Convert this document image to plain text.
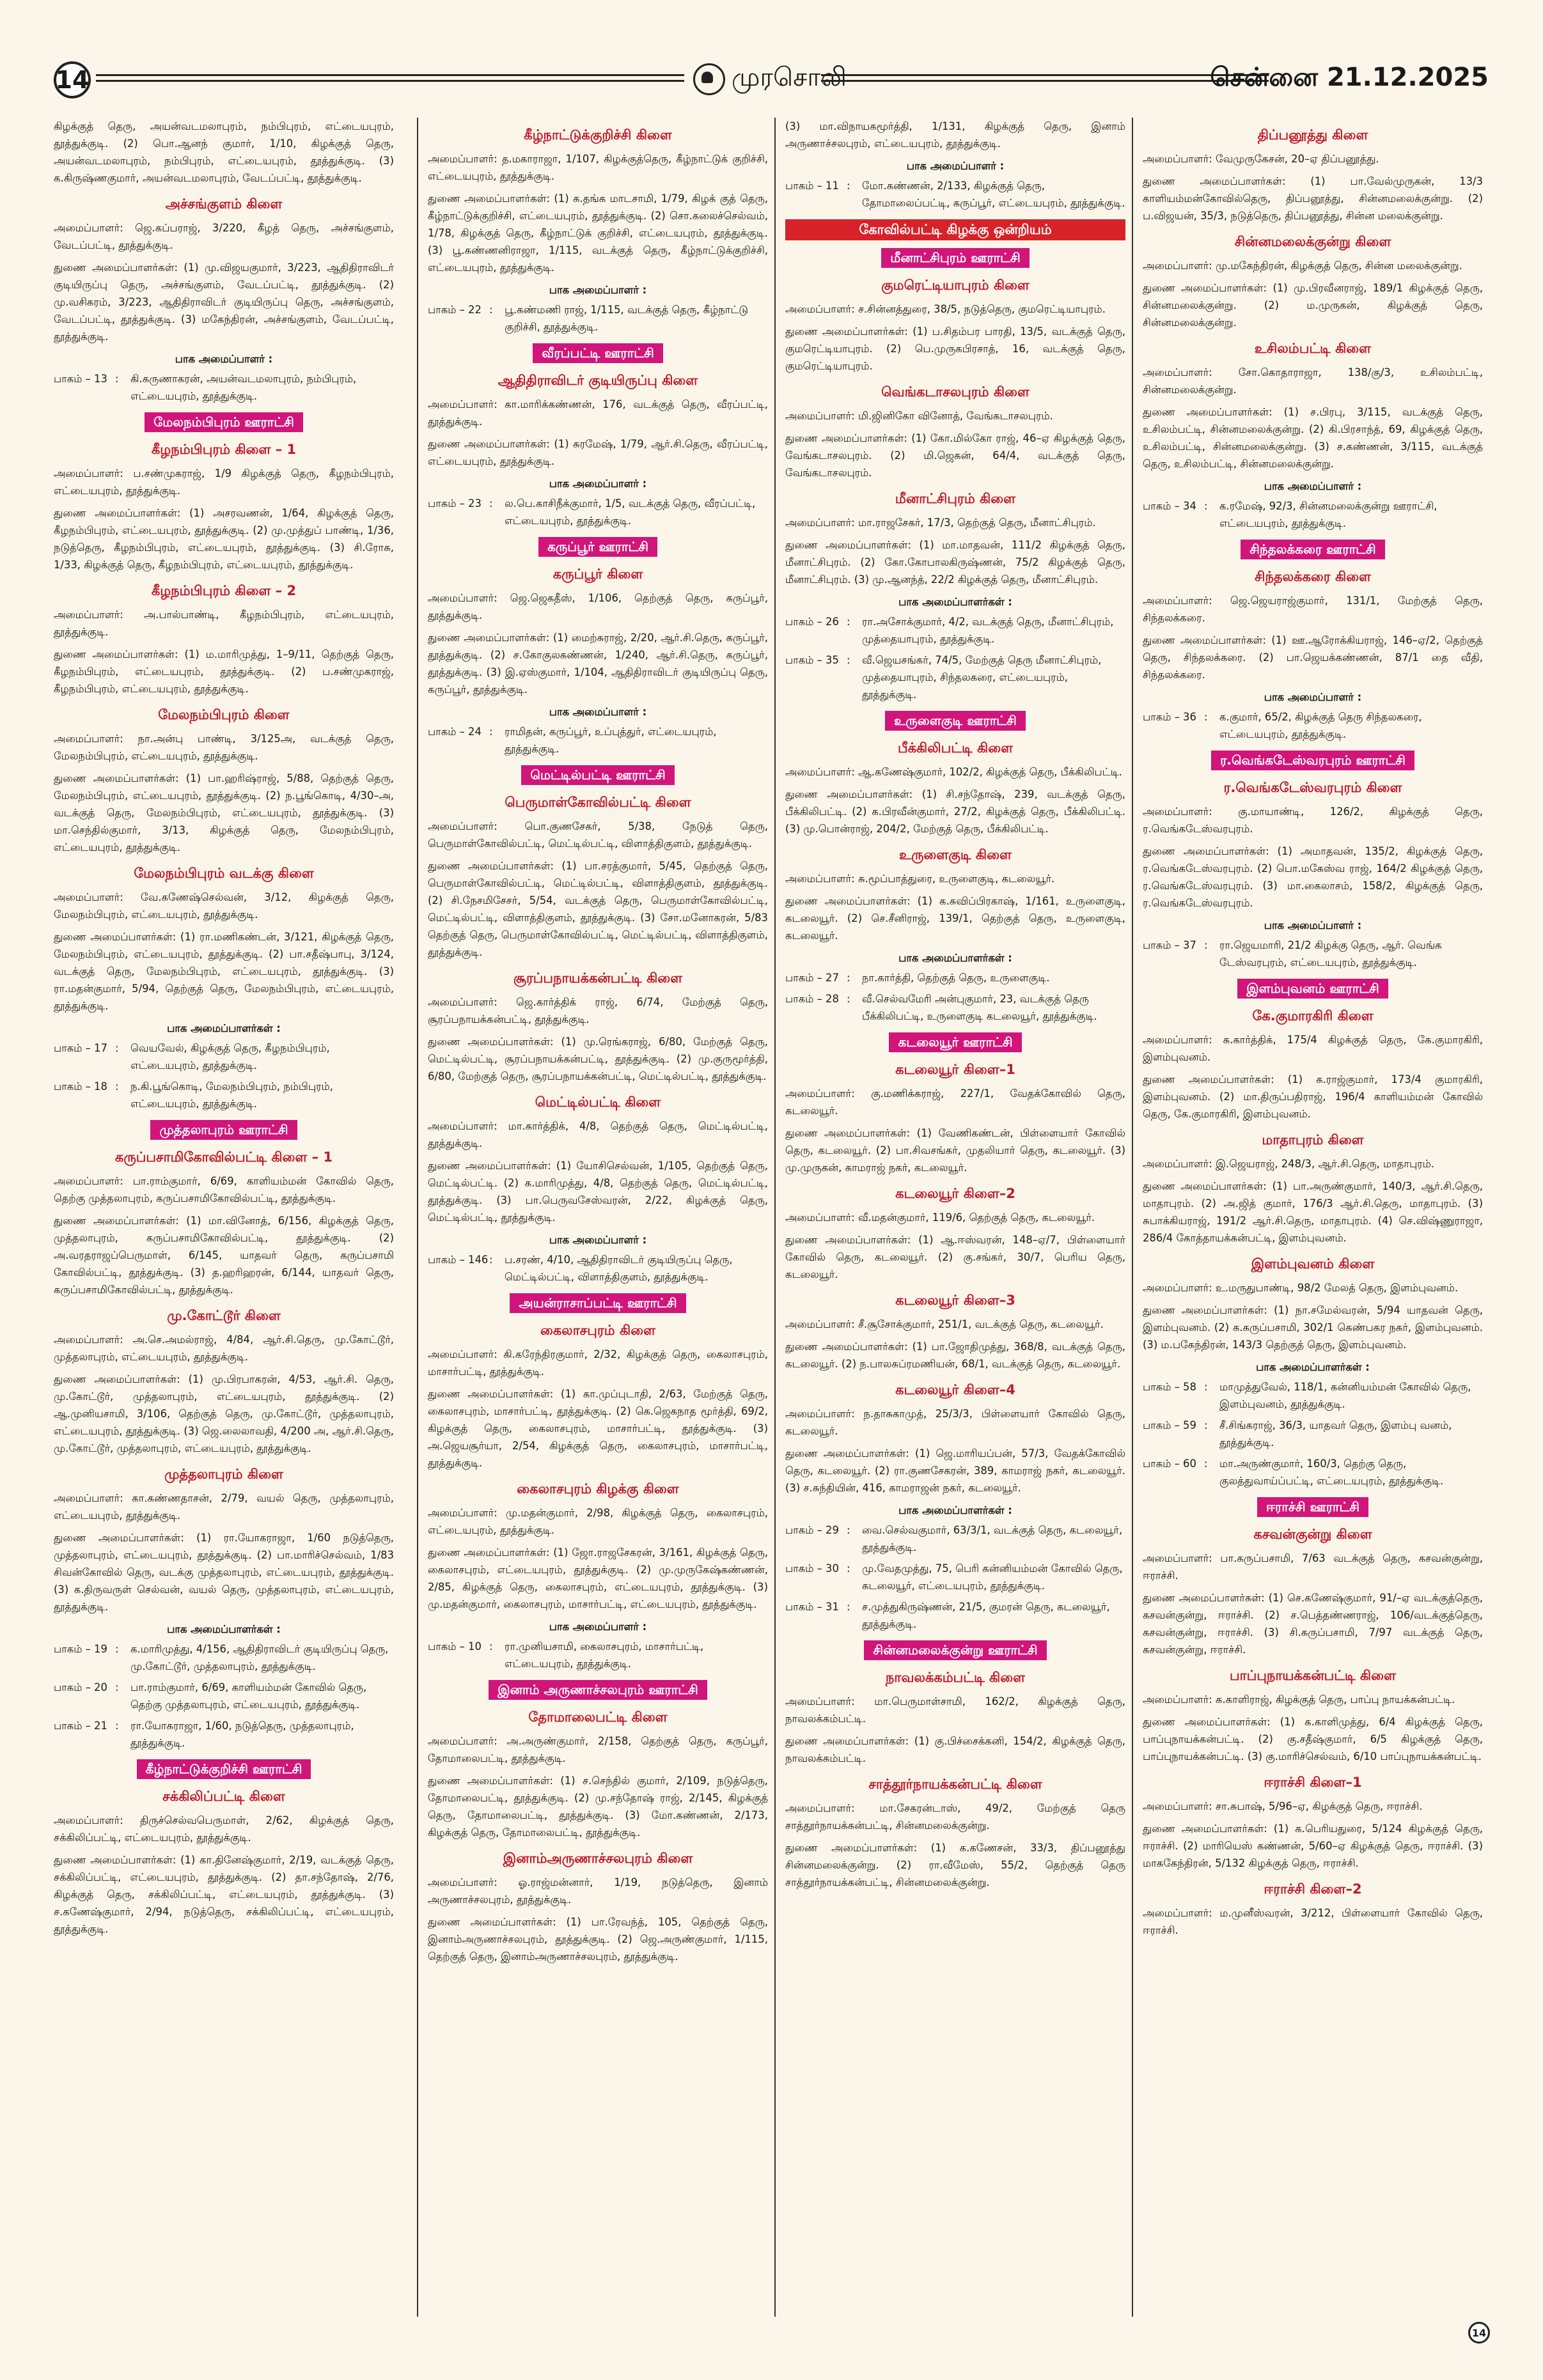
14	முரசொலி	சென்னை 21.12.2025

கிழக்குத் தெரு, அயன்வடமலாபுரம், நம்பிபுரம், எட்டையபுரம், தூத்துக்குடி. (2) பொ.ஆனந் குமார், 1/10, கிழக்குத் தெரு, அயன்வடமலாபுரம், நம்பிபுரம், எட்டையபுரம், தூத்துக்குடி. (3) க.கிருஷ்ணகுமார், அயன்வடமலாபுரம், வேடப்பட்டி, தூத்துக்குடி.

அச்சங்குளம் கிளை

அமைப்பாளர்: ஜெ.கப்பராஜ், 3/220, கீழத் தெரு, அச்சங்குளம், வேடப்பட்டி, தூத்துக்குடி.

துணை அமைப்பாளர்கள்: (1) மு.விஜயகுமார், 3/223, ஆதிதிராவிடர் குடியிருப்பு தெரு, அச்சங்குளம், வேடப்பட்டி, தூத்துக்குடி. (2) மு.வசிகரம், 3/223, ஆதிதிராவிடர் குடியிருப்பு தெரு, அச்சங்குளம், வேடப்பட்டி, தூத்துக்குடி. (3) மகேந்திரன், அச்சங்குளம், வேடப்பட்டி, தூத்துக்குடி.

பாக அமைப்பாளர் :
பாகம் – 13 :	கி.கருணாகரன், அயன்வடமலாபுரம், நம்பிபுரம், எட்டையபுரம், தூத்துக்குடி.
மேலநம்பிபுரம் ஊராட்சி
கீழநம்பிபுரம் கிளை – 1

அமைப்பாளர்: ப.சண்முகராஜ், 1/9 கிழக்குத் தெரு, கீழநம்பிபுரம், எட்டையபுரம், தூத்துக்குடி.

துணை அமைப்பாளர்கள்: (1) அசரவணன், 1/64, கிழக்குத் தெரு, கீழநம்பிபுரம், எட்டையபுரம், தூத்துக்குடி. (2) மு.முத்துப் பாண்டி, 1/36, நடுத்தெரு, கீழநம்பிபுரம், எட்டையபுரம், தூத்துக்குடி. (3) சி.ரோசு, 1/33, கிழக்குத் தெரு, கீழநம்பிபுரம், எட்டையபுரம், தூத்துக்குடி.

கீழநம்பிபுரம் கிளை – 2

அமைப்பாளர்: அ.பால்பாண்டி, கீழநம்பிபுரம், எட்டையபுரம், தூத்துக்குடி.

துணை அமைப்பாளர்கள்: (1) ம.மாரிமுத்து, 1–9/11, தெற்குத் தெரு, கீழநம்பிபுரம், எட்டையபுரம், தூத்துக்குடி. (2) ப.சண்முகராஜ், கீழநம்பிபுரம், எட்டையபுரம், தூத்துக்குடி.

மேலநம்பிபுரம் கிளை

அமைப்பாளர்: நா.அன்பு பாண்டி, 3/125அ, வடக்குத் தெரு, மேலநம்பிபுரம், எட்டையபுரம், தூத்துக்குடி.

துணை அமைப்பாளர்கள்: (1) பா.ஹரிஷ்ராஜ், 5/88, தெற்குத் தெரு, மேலநம்பிபுரம், எட்டையபுரம், தூத்துக்குடி. (2) ந.பூங்கொடி, 4/30–அ, வடக்குத் தெரு, மேலநம்பிபுரம், எட்டையபுரம், தூத்துக்குடி. (3) மா.செந்தில்குமார், 3/13, கிழக்குத் தெரு, மேலநம்பிபுரம், எட்டையபுரம், தூத்துக்குடி.

மேலநம்பிபுரம் வடக்கு கிளை

அமைப்பாளர்: வே.கணேஷ்செல்வன், 3/12, கிழக்குத் தெரு, மேலநம்பிபுரம், எட்டையபுரம், தூத்துக்குடி.

துணை அமைப்பாளர்கள்: (1) ரா.மணிகண்டன், 3/121, கிழக்குத் தெரு, மேலநம்பிபுரம், எட்டையபுரம், தூத்துக்குடி. (2) பா.சதீஷ்பாபு, 3/124, வடக்குத் தெரு, மேலநம்பிபுரம், எட்டையபுரம், தூத்துக்குடி. (3) ரா.மதன்குமார், 5/94, தெற்குத் தெரு, மேலநம்பிபுரம், எட்டையபுரம், தூத்துக்குடி.

பாக அமைப்பாளர்கள் :
பாகம் – 17 :	வெயவேல், கிழக்குத் தெரு, கீழநம்பிபுரம், எட்டையபுரம், தூத்துக்குடி.
பாகம் – 18 :	ந.கி.பூங்கொடி, மேலநம்பிபுரம், நம்பிபுரம், எட்டையபுரம், தூத்துக்குடி.
முத்தலாபுரம் ஊராட்சி
கருப்பசாமிகோவில்பட்டி கிளை – 1

அமைப்பாளர்: பா.ராம்குமார், 6/69, காளியம்மன் கோவில் தெரு, தெற்கு முத்தலாபுரம், கருப்பசாமிகோவில்பட்டி, தூத்துக்குடி.

துணை அமைப்பாளர்கள்: (1) மா.வினோத், 6/156, கிழக்குத் தெரு, முத்தலாபுரம், கருப்பசாமிகோவில்பட்டி, தூத்துக்குடி. (2) அ.வரதராஜப்பெருமாள், 6/145, யாதவர் தெரு, கருப்பசாமி கோவில்பட்டி, தூத்துக்குடி. (3) த.ஹரிஹரன், 6/144, யாதவர் தெரு, கருப்பசாமிகோவில்பட்டி, தூத்துக்குடி.

மு.கோட்டூர் கிளை

அமைப்பாளர்: அ.செ.அமல்ராஜ், 4/84, ஆர்.சி.தெரு, மு.கோட்டூர், முத்தலாபுரம், எட்டையபுரம், தூத்துக்குடி.

துணை அமைப்பாளர்கள்: (1) மு.பிரபாகரன், 4/53, ஆர்.சி. தெரு, மு.கோட்டூர், முத்தலாபுரம், எட்டையபுரம், தூத்துக்குடி. (2) ஆ.முனியசாமி, 3/106, தெற்குத் தெரு, மு.கோட்டூர், முத்தலாபுரம், எட்டையபுரம், தூத்துக்குடி. (3) ஜெ.லைலாவதி, 4/200 அ, ஆர்.சி.தெரு, மு.கோட்டூர், முத்தலாபுரம், எட்டையபுரம், தூத்துக்குடி.

முத்தலாபுரம் கிளை

அமைப்பாளர்: கா.கண்ணதாசன், 2/79, வயல் தெரு, முத்தலாபுரம், எட்டையபுரம், தூத்துக்குடி.

துணை அமைப்பாளர்கள்: (1) ரா.யோகராஜா, 1/60 நடுத்தெரு, முத்தலாபுரம், எட்டையபுரம், தூத்துக்குடி. (2) பா.மாரிச்செல்வம், 1/83 சிவன்கோவில் தெரு, வடக்கு முத்தலாபுரம், எட்டையபுரம், தூத்துக்குடி. (3) க.திருவருள் செல்வன், வயல் தெரு, முத்தலாபுரம், எட்டையபுரம், தூத்துக்குடி.

பாக அமைப்பாளர்கள் :
பாகம் – 19 :	க.மாரிமுத்து, 4/156, ஆதிதிராவிடர் குடியிருப்பு தெரு, மு.கோட்டூர், முத்தலாபுரம், தூத்துக்குடி.
பாகம் – 20 :	பா.ராம்குமார், 6/69, காளியம்மன் கோவில் தெரு, தெற்கு முத்தலாபுரம், எட்டையபுரம், தூத்துக்குடி.
பாகம் – 21 :	ரா.யோகராஜா, 1/60, நடுத்தெரு, முத்தலாபுரம், தூத்துக்குடி.
கீழ்நாட்டுக்குறிச்சி ஊராட்சி
சக்கிலிப்பட்டி கிளை

அமைப்பாளர்: திருச்செல்வபெருமாள், 2/62, கிழக்குத் தெரு, சக்கிலிப்பட்டி, எட்டையபுரம், தூத்துக்குடி.

துணை அமைப்பாளர்கள்: (1) கா.தினேஷ்குமார், 2/19, வடக்குத் தெரு, சக்கிலிப்பட்டி, எட்டையபுரம், தூத்துக்குடி. (2) தா.சந்தோஷ், 2/76, கிழக்குத் தெரு, சக்கிலிப்பட்டி, எட்டையபுரம், தூத்துக்குடி. (3) ச.கணேஷ்குமார், 2/94, நடுத்தெரு, சக்கிலிப்பட்டி, எட்டையபுரம், தூத்துக்குடி.

கீழ்நாட்டுக்குறிச்சி கிளை

அமைப்பாளர்: த.மகாராஜா, 1/107, கிழக்குத்தெரு, கீழ்நாட்டுக் குறிச்சி, எட்டையபுரம், தூத்துக்குடி.

துணை அமைப்பாளர்கள்: (1) க.தங்க மாடசாமி, 1/79, கிழக் குத் தெரு, கீழ்நாட்டுக்குறிச்சி, எட்டையபுரம், தூத்துக்குடி. (2) சொ.கலைச்செல்வம், 1/78, கிழக்குத் தெரு, கீழ்நாட்டுக் குறிச்சி, எட்டையபுரம், தூத்துக்குடி. (3) பூ.கண்ணனிராஜா, 1/115, வடக்குத் தெரு, கீழ்நாட்டுக்குறிச்சி, எட்டையபுரம், தூத்துக்குடி.

பாக அமைப்பாளர் :
பாகம் – 22 :	பூ.கண்மணி ராஜ், 1/115, வடக்குத் தெரு, கீழ்நாட்டு குறிச்சி, தூத்துக்குடி.
வீரப்பட்டி ஊராட்சி
ஆதிதிராவிடர் குடியிருப்பு கிளை

அமைப்பாளர்: கா.மாரிக்கண்ணன், 176, வடக்குத் தெரு, வீரப்பட்டி, தூத்துக்குடி.

துணை அமைப்பாளர்கள்: (1) சுரமேஷ், 1/79, ஆர்.சி.தெரு, வீரப்பட்டி, எட்டையபுரம், தூத்துக்குடி.

பாக அமைப்பாளர் :
பாகம் – 23 :	ல.பெ.காசிநீக்குமார், 1/5, வடக்குத் தெரு, வீரப்பட்டி, எட்டையபுரம், தூத்துக்குடி.
கருப்பூர் ஊராட்சி
கருப்பூர் கிளை

அமைப்பாளர்: ஜெ.ஜெகதீஸ், 1/106, தெற்குத் தெரு, கருப்பூர், தூத்துக்குடி.

துணை அமைப்பாளர்கள்: (1) மைற்சுராஜ், 2/20, ஆர்.சி.தெரு, கருப்பூர், தூத்துக்குடி. (2) ச.கோகுலகண்ணன், 1/240, ஆர்.சி.தெரு, கருப்பூர், தூத்துக்குடி. (3) இ.ஏஸ்குமார், 1/104, ஆதிதிராவிடர் குடியிருப்பு தெரு, கருப்பூர், தூத்துக்குடி.

பாக அமைப்பாளர் :
பாகம் – 24 :	ராமிதன், கருப்பூர், உப்புத்துர், எட்டையபுரம், தூத்துக்குடி.
மெட்டில்பட்டி ஊராட்சி
பெருமாள்கோவில்பட்டி கிளை

அமைப்பாளர்: பொ.குணசேகர், 5/38, நேடுத் தெரு, பெருமாள்கோவில்பட்டி, மெட்டில்பட்டி, விளாத்திகுளம், தூத்துக்குடி.

துணை அமைப்பாளர்கள்: (1) பா.சரத்குமார், 5/45, தெற்குத் தெரு, பெருமாள்கோவில்பட்டி, மெட்டில்பட்டி, விளாத்திகுளம், தூத்துக்குடி. (2) சி.நேசமிசேசர், 5/54, வடக்குத் தெரு, பெருமாள்கோவில்பட்டி, மெட்டில்பட்டி, விளாத்திகுளம், தூத்துக்குடி. (3) சோ.மனோகரன், 5/83 தெற்குத் தெரு, பெருமாள்கோவில்பட்டி, மெட்டில்பட்டி, விளாத்திகுளம், தூத்துக்குடி.

சூரப்பநாயக்கன்பட்டி கிளை

அமைப்பாளர்: ஜெ.கார்த்திக் ராஜ், 6/74, மேற்குத் தெரு, சூரப்பநாயக்கன்பட்டி, தூத்துக்குடி.

துணை அமைப்பாளர்கள்: (1) மு.ரெங்கராஜ், 6/80, மேற்குத் தெரு, மெட்டில்பட்டி, சூரப்பநாயக்கன்பட்டி, தூத்துக்குடி. (2) மு.குருமூர்த்தி, 6/80, மேற்குத் தெரு, சூரப்பநாயக்கன்பட்டி, மெட்டில்பட்டி, தூத்துக்குடி.

மெட்டில்பட்டி கிளை

அமைப்பாளர்: மா.கார்த்திக், 4/8, தெற்குத் தெரு, மெட்டில்பட்டி, தூத்துக்குடி.

துணை அமைப்பாளர்கள்: (1) யோசிசெல்வன், 1/105, தெற்குத் தெரு, மெட்டில்பட்டி. (2) க.மாரிமுத்து, 4/8, தெற்குத் தெரு, மெட்டில்பட்டி, தூத்துக்குடி. (3) பா.பெருவசேஸ்வரன், 2/22, கிழக்குத் தெரு, மெட்டில்பட்டி, தூத்துக்குடி.

பாக அமைப்பாளர் :
பாகம் – 146 :	ப.சரண், 4/10, ஆதிதிராவிடர் குடியிருப்பு தெரு, மெட்டில்பட்டி, விளாத்திகுளம், தூத்துக்குடி.
அயன்ராசாப்பட்டி ஊராட்சி
கைலாசபுரம் கிளை

அமைப்பாளர்: கி.கரேந்திரகுமார், 2/32, கிழக்குத் தெரு, கைலாசபுரம், மாசார்பட்டி, தூத்துக்குடி.

துணை அமைப்பாளர்கள்: (1) கா.முப்புடாதி, 2/63, மேற்குத் தெரு, கைலாசபுரம், மாசார்பட்டி, தூத்துக்குடி. (2) கெ.ஜெகநாத மூர்த்தி, 69/2, கிழக்குத் தெரு, கைலாசபுரம், மாசார்பட்டி, தூத்துக்குடி. (3) அ.ஜெயசூர்யா, 2/54, கிழக்குத் தெரு, கைலாசபுரம், மாசார்பட்டி, தூத்துக்குடி.

கைலாசபுரம் கிழக்கு கிளை

அமைப்பாளர்: மு.மதன்குமார், 2/98, கிழக்குத் தெரு, கைலாசபுரம், எட்டையபுரம், தூத்துக்குடி.

துணை அமைப்பாளர்கள்: (1) ஜோ.ராஜசேகரன், 3/161, கிழக்குத் தெரு, கைலாசபுரம், எட்டையபுரம், தூத்துக்குடி. (2) மு.முருகேஷ்கண்ணன், 2/85, கிழக்குத் தெரு, கைலாசபுரம், எட்டையபுரம், தூத்துக்குடி. (3) மு.மதன்குமார், கைலாசபுரம், மாசார்பட்டி, எட்டையபுரம், தூத்துக்குடி.

பாக அமைப்பாளர் :
பாகம் – 10 :	ரா.முனியசாமி, கைலாசபுரம், மாசார்பட்டி, எட்டையபுரம், தூத்துக்குடி.
இனாம் அருணாச்சலபுரம் ஊராட்சி
தோமாலைபட்டி கிளை

அமைப்பாளர்: அ.அருண்குமார், 2/158, தெற்குத் தெரு, கருப்பூர், தோமாலைபட்டி, தூத்துக்குடி.

துணை அமைப்பாளர்கள்: (1) ச.செந்தில் குமார், 2/109, நடுத்தெரு, தோமாலைபட்டி, தூத்துக்குடி. (2) மு.சந்தோஷ் ராஜ், 2/145, கிழக்குத் தெரு, தோமாலைபட்டி, தூத்துக்குடி. (3) மோ.கண்ணன், 2/173, கிழக்குத் தெரு, தோமாலைபட்டி, தூத்துக்குடி.

இனாம்அருணாச்சலபுரம் கிளை

அமைப்பாளர்: ஓ.ராஜ்மன்னார், 1/19, நடுத்தெரு, இனாம் அருணாச்சலபுரம், தூத்துக்குடி.

துணை அமைப்பாளர்கள்: (1) பா.ரேவந்த், 105, தெற்குத் தெரு, இனாம்அருணாச்சலபுரம், தூத்துக்குடி. (2) ஜெ.அருண்குமார், 1/115, தெற்குத் தெரு, இனாம்அருணாச்சலபுரம், தூத்துக்குடி.

(3) மா.விநாயகமூர்த்தி, 1/131, கிழக்குத் தெரு, இனாம் அருணாச்சலபுரம், எட்டையபுரம், தூத்துக்குடி.

பாக அமைப்பாளர் :
பாகம் – 11 :	மோ.கண்ணன், 2/133, கிழக்குத் தெரு, தோமாலைப்பட்டி, கருப்பூர், எட்டையபுரம், தூத்துக்குடி.
கோவில்பட்டி கிழக்கு ஒன்றியம்
மீனாட்சிபுரம் ஊராட்சி
குமரெட்டியாபுரம் கிளை

அமைப்பாளர்: ச.சின்னத்துரை, 38/5, நடுத்தெரு, குமரெட்டியாபுரம்.

துணை அமைப்பாளர்கள்: (1) ப.சிதம்பர பாரதி, 13/5, வடக்குத் தெரு, குமரெட்டியாபுரம். (2) பெ.முருகபிரசாத், 16, வடக்குத் தெரு, குமரெட்டியாபுரம்.

வெங்கடாசலபுரம் கிளை

அமைப்பாளர்: மி.ஜினிகோ வினோத், வேங்கடாசலபுரம்.

துணை அமைப்பாளர்கள்: (1) கோ.மில்கோ ராஜ், 46–ஏ கிழக்குத் தெரு, வேங்கடாசலபுரம். (2) மி.ஜெகன், 64/4, வடக்குத் தெரு, வேங்கடாசலபுரம்.

மீனாட்சிபுரம் கிளை

அமைப்பாளர்: மா.ராஜசேகர், 17/3, தெற்குத் தெரு, மீனாட்சிபுரம்.

துணை அமைப்பாளர்கள்: (1) மா.மாதவன், 111/2 கிழக்குத் தெரு, மீனாட்சிபுரம். (2) கோ.கோபாலகிருஷ்ணன், 75/2 கிழக்குத் தெரு, மீனாட்சிபுரம். (3) மு.ஆனந்த், 22/2 கிழக்குத் தெரு, மீனாட்சிபுரம்.

பாக அமைப்பாளர்கள் :
பாகம் – 26 :	ரா.அசோக்குமார், 4/2, வடக்குத் தெரு, மீனாட்சிபுரம், முத்தையாபுரம், தூத்துக்குடி.
பாகம் – 35 :	வீ.ஜெயசங்கர், 74/5, மேற்குத் தெரு மீனாட்சிபுரம், முத்தையாபுரம், சிந்தலகரை, எட்டையபுரம், தூத்துக்குடி.
உருளைகுடி ஊராட்சி
பீக்கிலிபட்டி கிளை

அமைப்பாளர்: ஆ.கணேஷ்குமார், 102/2, கிழக்குத் தெரு, பீக்கிலிபட்டி.

துணை அமைப்பாளர்கள்: (1) சி.சந்தோஷ், 239, வடக்குத் தெரு, பீக்கிலிபட்டி. (2) க.பிரவீன்குமார், 27/2, கிழக்குத் தெரு, பீக்கிலிபட்டி. (3) மு.பொன்ராஜ், 204/2, மேற்குத் தெரு, பீக்கிலிபட்டி.

உருளைகுடி கிளை

அமைப்பாளர்: சு.மூப்பாத்துரை, உருளைகுடி, கடலையூர்.

துணை அமைப்பாளர்கள்: (1) க.சுவிப்பிரகாஷ், 1/161, உருளைகுடி, கடலையூர். (2) செ.சீனிராஜ், 139/1, தெற்குத் தெரு, உருளைகுடி, கடலையூர்.

பாக அமைப்பாளர்கள் :
பாகம் – 27 :	நா.கார்த்தி, தெற்குத் தெரு, உருளைகுடி.
பாகம் – 28 :	வீ.செல்வமேரி அன்புகுமார், 23, வடக்குத் தெரு பீக்கிலிபட்டி, உருளைகுடி கடலையூர், தூத்துக்குடி.
கடலையூர் ஊராட்சி
கடலையூர் கிளை–1

அமைப்பாளர்: கு.மணிக்கராஜ், 227/1, வேதக்கோவில் தெரு, கடலையூர்.

துணை அமைப்பாளர்கள்: (1) வேணிகண்டன், பிள்ளையார் கோவில் தெரு, கடலையூர். (2) பா.சிவசங்கர், முதலியார் தெரு, கடலையூர். (3) மு.முருகன், காமராஜ் நகர், கடலையூர்.

கடலையூர் கிளை–2

அமைப்பாளர்: வீ.மதன்குமார், 119/6, தெற்குத் தெரு, கடலையூர்.

துணை அமைப்பாளர்கள்: (1) ஆ.ஈஸ்வரன், 148–ஏ/7, பிள்ளையார் கோவில் தெரு, கடலையூர். (2) கு.சங்கர், 30/7, பெரிய தெரு, கடலையூர்.

கடலையூர் கிளை–3

அமைப்பாளர்: சீ.சூசோக்குமார், 251/1, வடக்குத் தெரு, கடலையூர்.

துணை அமைப்பாளர்கள்: (1) பா.ஜோதிமுத்து, 368/8, வடக்குத் தெரு, கடலையூர். (2) ந.பாலசுப்ரமணியன், 68/1, வடக்குத் தெரு, கடலையூர்.

கடலையூர் கிளை–4

அமைப்பாளர்: ந.தாசுகாமுத், 25/3/3, பிள்ளையார் கோவில் தெரு, கடலையூர்.

துணை அமைப்பாளர்கள்: (1) ஜெ.மாரியப்பன், 57/3, வேதக்கோவில் தெரு, கடலையூர். (2) ரா.குணசேகரன், 389, காமராஜ் நகர், கடலையூர். (3) ச.சுந்தியின், 416, காமராஜன் நகர், கடலையூர்.

பாக அமைப்பாளர்கள் :
பாகம் – 29 :	வை.செல்வகுமார், 63/3/1, வடக்குத் தெரு, கடலையூர், தூத்துக்குடி.
பாகம் – 30 :	மு.வேதமுத்து, 75, பெரி கன்னியம்மன் கோவில் தெரு, கடலையூர், எட்டையபுரம், தூத்துக்குடி.
பாகம் – 31 :	ச.முத்துகிருஷ்ணன், 21/5, குமரன் தெரு, கடலையூர், தூத்துக்குடி.
சின்னமலைக்குன்று ஊராட்சி
நாவலக்கம்பட்டி கிளை

அமைப்பாளர்: மா.பெருமாள்சாமி, 162/2, கிழக்குத் தெரு, நாவலக்கம்பட்டி.

துணை அமைப்பாளர்கள்: (1) கு.பிச்சைக்கனி, 154/2, கிழக்குத் தெரு, நாவலக்கம்பட்டி.

சாத்தூர்நாயக்கன்பட்டி கிளை

அமைப்பாளர்: மா.சேகரன்டாஸ், 49/2, மேற்குத் தெரு சாத்தூர்நாயக்கன்பட்டி, சின்னமலைக்குன்று.

துணை அமைப்பாளர்கள்: (1) க.கணேசன், 33/3, திப்பனூத்து சின்னமலைக்குன்று. (2) ரா.வீமேஸ், 55/2, தெற்குத் தெரு சாத்தூர்நாயக்கன்பட்டி, சின்னமலைக்குன்று.

திப்பனூத்து கிளை

அமைப்பாளர்: வேமுருகேசன், 20–ஏ திப்பனூத்து.

துணை அமைப்பாளர்கள்: (1) பா.வேல்முருகன், 13/3 காளியம்மன்கோவில்தெரு, திப்பனூத்து, சின்னமலைக்குன்று. (2) ப.விஜயன், 35/3, நடுத்தெரு, திப்பனூத்து, சின்ன மலைக்குன்று.

சின்னமலைக்குன்று கிளை

அமைப்பாளர்: மு.மகேந்திரன், கிழக்குத் தெரு, சின்ன மலைக்குன்று.

துணை அமைப்பாளர்கள்: (1) மு.பிரவீனராஜ், 189/1 கிழக்குத் தெரு, சின்னமலைக்குன்று. (2) ம.முருகன், கிழக்குத் தெரு, சின்னமலைக்குன்று.

உசிலம்பட்டி கிளை

அமைப்பாளர்: சோ.கொதாராஜா, 138/கு/3, உசிலம்பட்டி, சின்னமலைக்குன்று.

துணை அமைப்பாளர்கள்: (1) ச.பிரபு, 3/115, வடக்குத் தெரு, உசிலம்பட்டி, சின்னமலைக்குன்று. (2) கி.பிரசாந்த், 69, கிழக்குத் தெரு, உசிலம்பட்டி, சின்னமலைக்குன்று. (3) ச.கண்ணன், 3/115, வடக்குத் தெரு, உசிலம்பட்டி, சின்னமலைக்குன்று.

பாக அமைப்பாளர் :
பாகம் – 34 :	க.ரமேஷ், 92/3, சின்னமலைக்குன்று ஊராட்சி, எட்டையபுரம், தூத்துக்குடி.
சிந்தலக்கரை ஊராட்சி
சிந்தலக்கரை கிளை

அமைப்பாளர்: ஜெ.ஜெயராஜ்குமார், 131/1, மேற்குத் தெரு, சிந்தலக்கரை.

துணை அமைப்பாளர்கள்: (1) ஊ.ஆரோக்கியராஜ், 146–ஏ/2, தெற்குத் தெரு, சிந்தலக்கரை. (2) பா.ஜெயக்கண்ணன், 87/1 தை வீதி, சிந்தலக்கரை.

பாக அமைப்பாளர் :
பாகம் – 36 :	க.குமார், 65/2, கிழக்குத் தெரு சிந்தலகரை, எட்டையபுரம், தூத்துக்குடி.
ர.வெங்கடேஸ்வரபுரம் ஊராட்சி
ர.வெங்கடேஸ்வரபுரம் கிளை

அமைப்பாளர்: கு.மாயாண்டி, 126/2, கிழக்குத் தெரு, ர.வெங்கடேஸ்வரபுரம்.

துணை அமைப்பாளர்கள்: (1) அமாதவன், 135/2, கிழக்குத் தெரு, ர.வெங்கடேஸ்வரபுரம். (2) பொ.மகேஸ்வ ராஜ், 164/2 கிழக்குத் தெரு, ர.வெங்கடேஸ்வரபுரம். (3) மா.கைலாசம், 158/2, கிழக்குத் தெரு, ர.வெங்கடேஸ்வரபுரம்.

பாக அமைப்பாளர் :
பாகம் – 37 :	ரா.ஜெயமாரி, 21/2 கிழக்கு தெரு, ஆர். வெங்க டேஸ்வரபுரம், எட்டையபுரம், தூத்துக்குடி.
இளம்புவனம் ஊராட்சி
கே.குமாரகிரி கிளை

அமைப்பாளர்: க.கார்த்திக், 175/4 கிழக்குத் தெரு, கே.குமாரகிரி, இளம்புவனம்.

துணை அமைப்பாளர்கள்: (1) க.ராஜ்குமார், 173/4 குமாரகிரி, இளம்புவனம். (2) மா.திருப்பதிராஜ், 196/4 காளியம்மன் கோவில் தெரு, கே.குமாரகிரி, இளம்புவனம்.

மாதாபுரம் கிளை

அமைப்பாளர்: இ.ஜெயராஜ், 248/3, ஆர்.சி.தெரு, மாதாபுரம்.

துணை அமைப்பாளர்கள்: (1) பா.அருண்குமார், 140/3, ஆர்.சி.தெரு, மாதாபுரம். (2) அ.ஜித் குமார், 176/3 ஆர்.சி.தெரு, மாதாபுரம். (3) சுபாக்கியராஜ், 191/2 ஆர்.சி.தெரு, மாதாபுரம். (4) செ.விஷ்ணுராஜா, 286/4 கோத்தாயக்கன்பட்டி, இளம்புவனம்.

இளம்புவனம் கிளை

அமைப்பாளர்: உ.மருதுபாண்டி, 98/2 மேலத் தெரு, இளம்புவனம்.

துணை அமைப்பாளர்கள்: (1) நா.சமேல்வரன், 5/94 யாதவன் தெரு, இளம்புவனம். (2) க.கருப்பசாமி, 302/1 கெண்பகர நகர், இளம்புவனம். (3) ம.பகேந்திரன், 143/3 தெற்குத் தெரு, இளம்புவனம்.

பாக அமைப்பாளர்கள் :
பாகம் – 58 :	மாமுத்துவேல், 118/1, கன்னியம்மன் கோவில் தெரு, இளம்புவனம், தூத்துக்குடி.
பாகம் – 59 :	சீ.சிங்கராஜ், 36/3, யாதவர் தெரு, இளம்பு வனம், தூத்துக்குடி.
பாகம் – 60 :	மா.அருண்குமார், 160/3, தெற்கு தெரு, குலத்துவாய்ப்பட்டி, எட்டையபுரம், தூத்துக்குடி.
ஈராச்சி ஊராட்சி
கசவன்குன்று கிளை

அமைப்பாளர்: பா.கருப்பசாமி, 7/63 வடக்குத் தெரு, கசவன்குன்று, ஈராச்சி.

துணை அமைப்பாளர்கள்: (1) செ.கணேஷ்குமார், 91/–ஏ வடக்குத்தெரு, கசவன்குன்று, ஈராச்சி. (2) ச.பெத்தண்ணராஜ், 106/வடக்குத்தெரு, கசவன்குன்று, ஈராச்சி. (3) சி.கருப்பசாமி, 7/97 வடக்குத் தெரு, கசவன்குன்று, ஈராச்சி.

பாப்புநாயக்கன்பட்டி கிளை

அமைப்பாளர்: க.காளிராஜ், கிழக்குத் தெரு, பாப்பு நாயக்கன்பட்டி.

துணை அமைப்பாளர்கள்: (1) க.காளிமுத்து, 6/4 கிழக்குத் தெரு, பாப்புநாயக்கன்பட்டி. (2) கு.சதீஷ்குமார், 6/5 கிழக்குத் தெரு, பாப்புநாயக்கன்பட்டி. (3) கு.மாரிச்செல்வம், 6/10 பாப்புநாயக்கன்பட்டி.

ஈராச்சி கிளை–1

அமைப்பாளர்: சா.சுபாஷ், 5/96–ஏ, கிழக்குத் தெரு, ஈராச்சி.

துணை அமைப்பாளர்கள்: (1) க.பெரியதுரை, 5/124 கிழக்குத் தெரு, ஈராச்சி. (2) மாரியெஸ் கண்ணன், 5/60–ஏ கிழக்குத் தெரு, ஈராச்சி. (3) மாககேந்திரன், 5/132 கிழக்குத் தெரு, ஈராச்சி.

ஈராச்சி கிளை–2

அமைப்பாளர்: ம.முனீஸ்வரன், 3/212, பிள்ளையார் கோவில் தெரு, ஈராச்சி.

14
